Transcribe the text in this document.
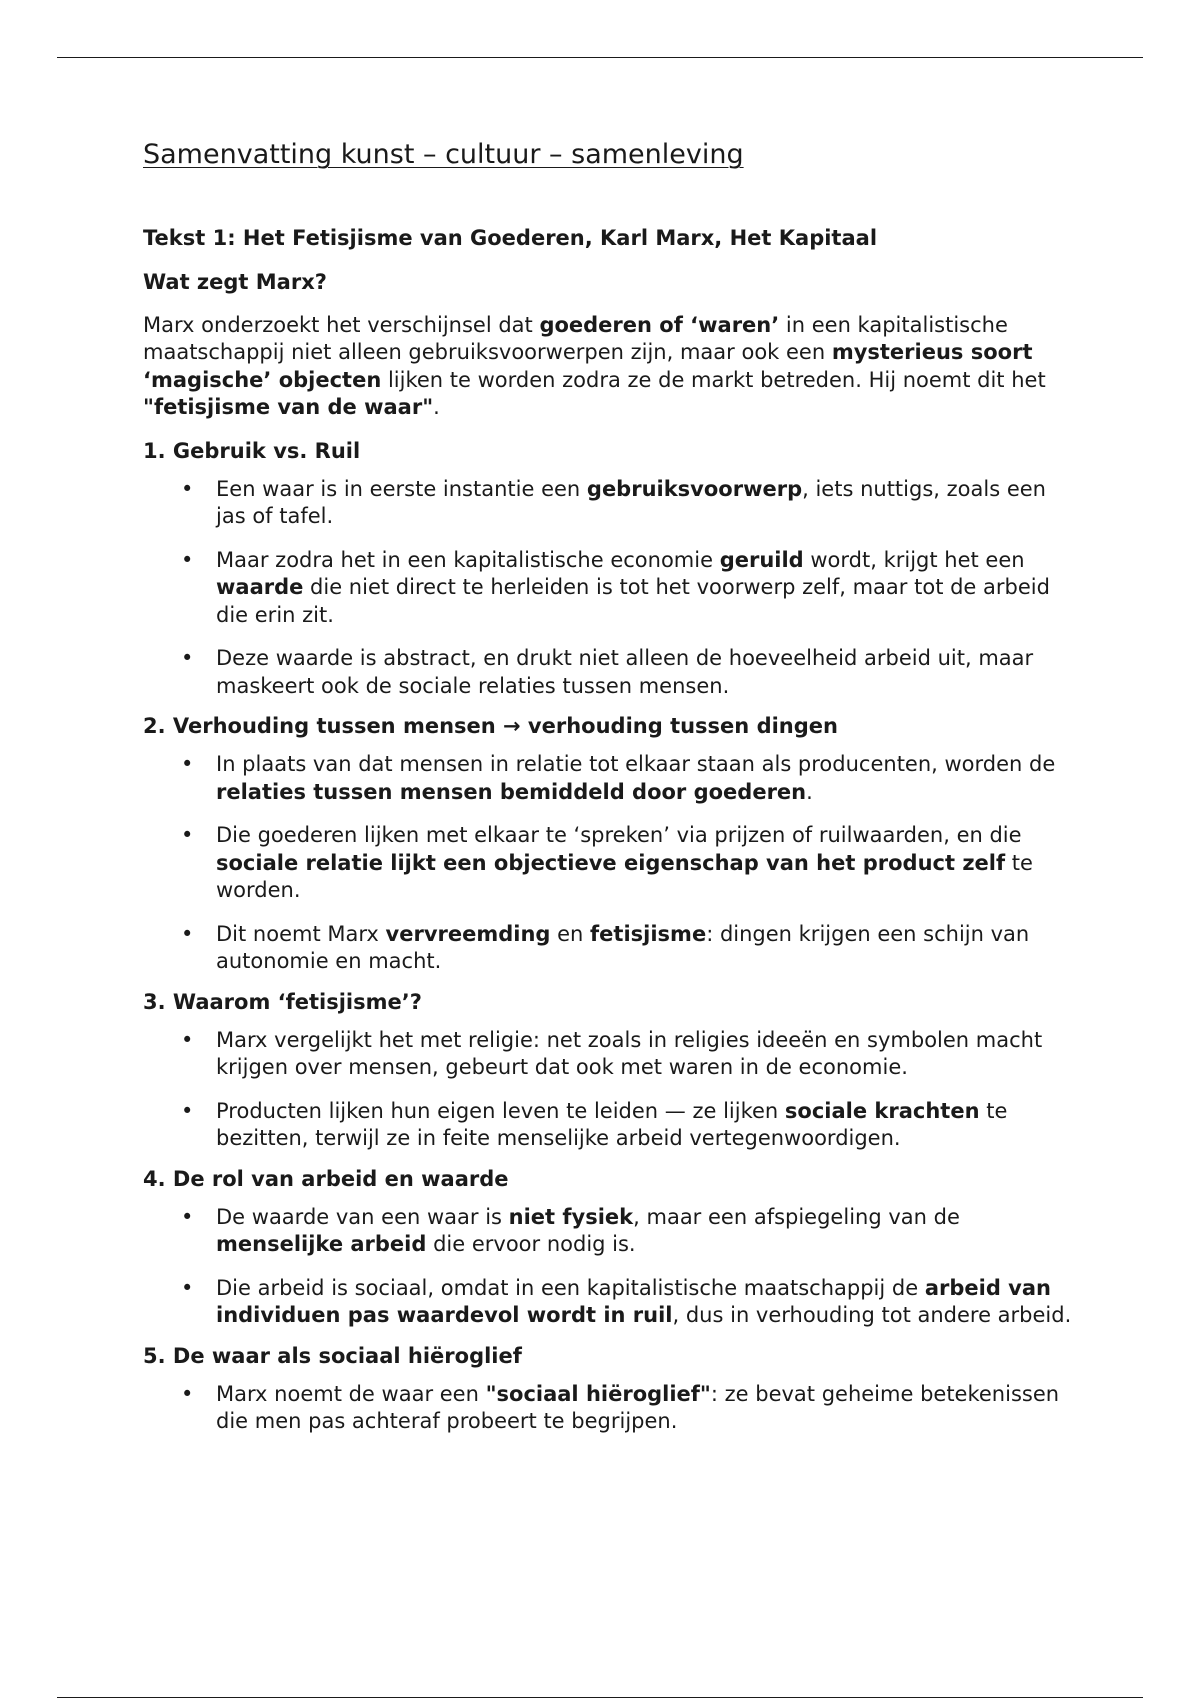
Samenvatting kunst – cultuur – samenleving

Tekst 1: Het Fetisjisme van Goederen, Karl Marx, Het Kapitaal

Wat zegt Marx?

Marx onderzoekt het verschijnsel dat goederen of ‘waren’ in een kapitalistische maatschappij niet alleen gebruiksvoorwerpen zijn, maar ook een mysterieus soort ‘magische’ objecten lijken te worden zodra ze de markt betreden. Hij noemt dit het "fetisjisme van de waar".

1. Gebruik vs. Ruil

• Een waar is in eerste instantie een gebruiksvoorwerp, iets nuttigs, zoals een jas of tafel.
• Maar zodra het in een kapitalistische economie geruild wordt, krijgt het een waarde die niet direct te herleiden is tot het voorwerp zelf, maar tot de arbeid die erin zit.
• Deze waarde is abstract, en drukt niet alleen de hoeveelheid arbeid uit, maar maskeert ook de sociale relaties tussen mensen.

2. Verhouding tussen mensen → verhouding tussen dingen

• In plaats van dat mensen in relatie tot elkaar staan als producenten, worden de relaties tussen mensen bemiddeld door goederen.
• Die goederen lijken met elkaar te ‘spreken’ via prijzen of ruilwaarden, en die sociale relatie lijkt een objectieve eigenschap van het product zelf te worden.
• Dit noemt Marx vervreemding en fetisjisme: dingen krijgen een schijn van autonomie en macht.

3. Waarom ‘fetisjisme’?

• Marx vergelijkt het met religie: net zoals in religies ideeën en symbolen macht krijgen over mensen, gebeurt dat ook met waren in de economie.
• Producten lijken hun eigen leven te leiden — ze lijken sociale krachten te bezitten, terwijl ze in feite menselijke arbeid vertegenwoordigen.

4. De rol van arbeid en waarde

• De waarde van een waar is niet fysiek, maar een afspiegeling van de menselijke arbeid die ervoor nodig is.
• Die arbeid is sociaal, omdat in een kapitalistische maatschappij de arbeid van individuen pas waardevol wordt in ruil, dus in verhouding tot andere arbeid.

5. De waar als sociaal hiëroglief

• Marx noemt de waar een "sociaal hiëroglief": ze bevat geheime betekenissen die men pas achteraf probeert te begrijpen.
